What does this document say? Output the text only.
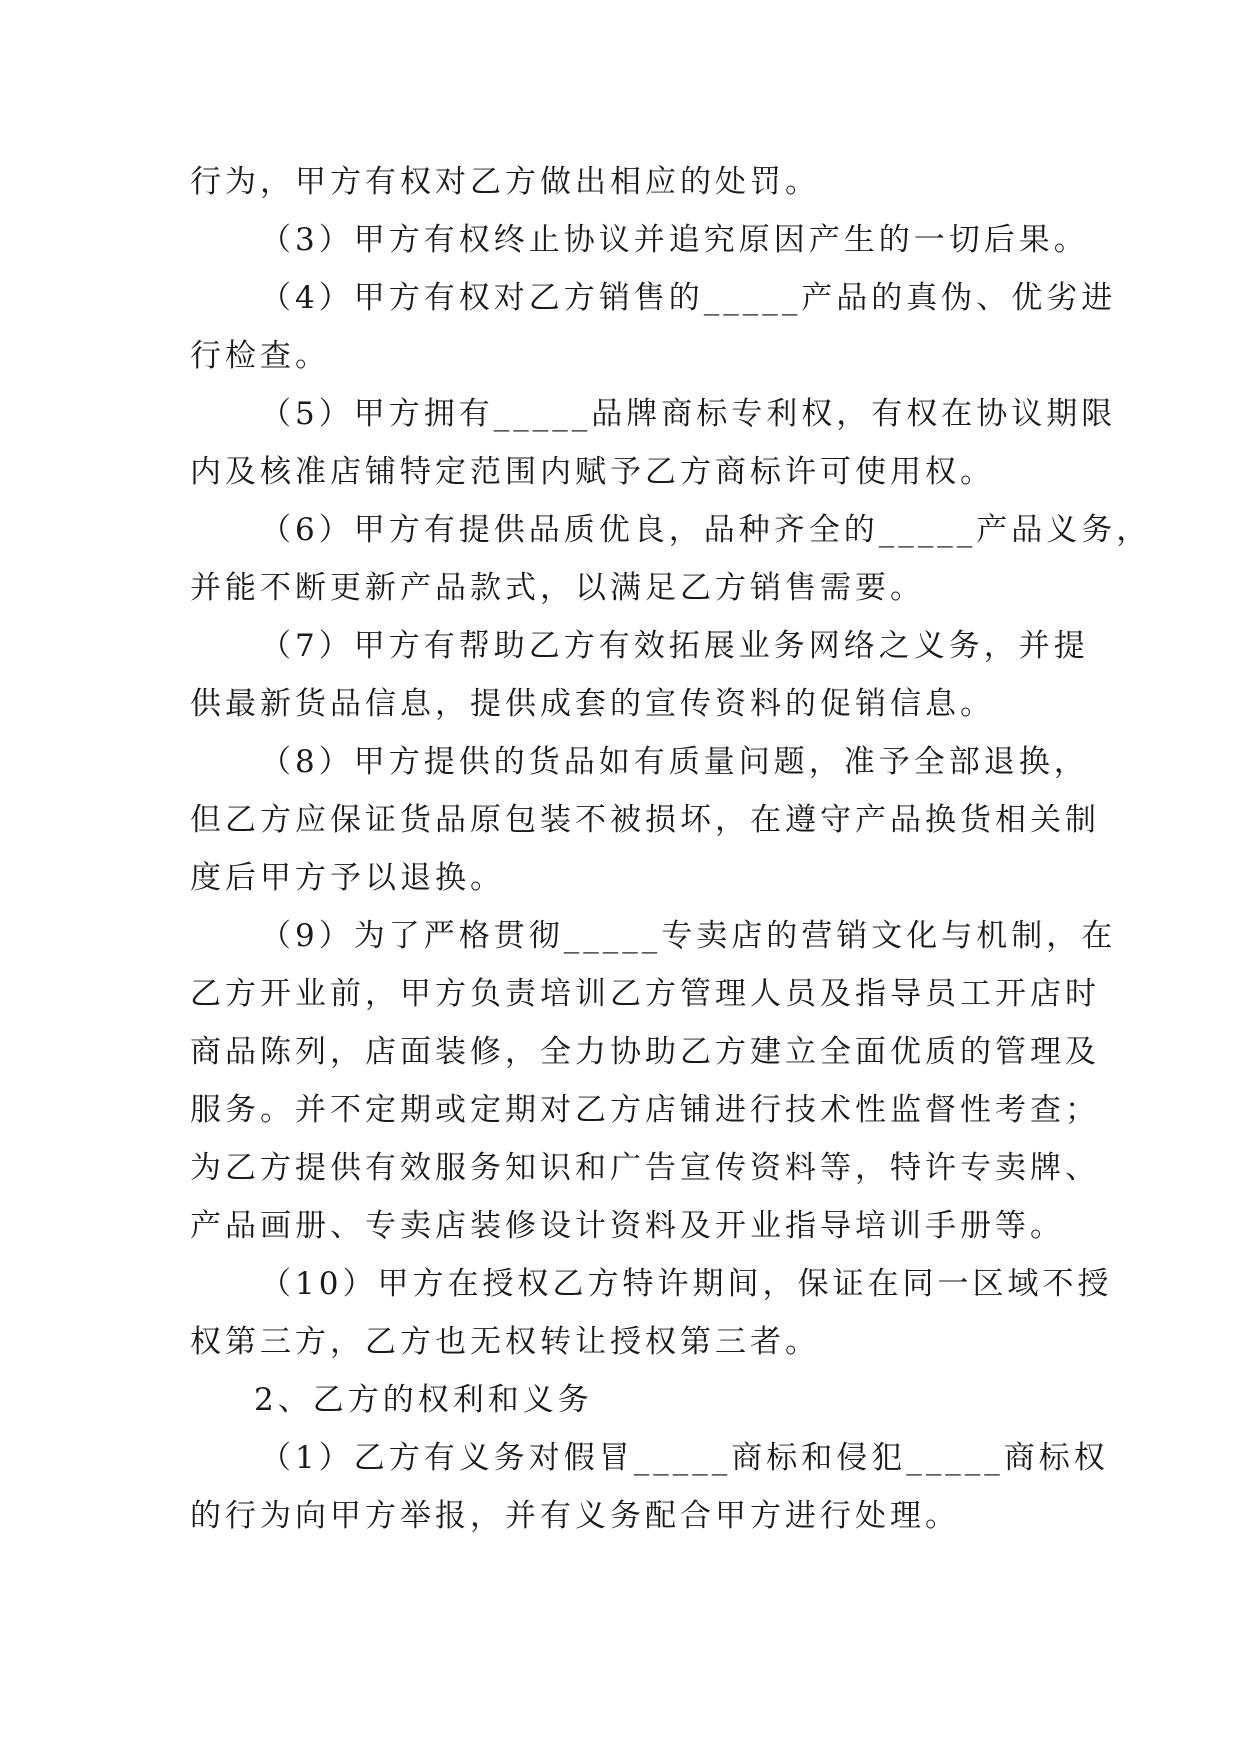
行为，甲方有权对乙方做出相应的处罚。
（3）甲方有权终止协议并追究原因产生的一切后果。
（4）甲方有权对乙方销售的_____产品的真伪、优劣进
行检查。
（5）甲方拥有_____品牌商标专利权，有权在协议期限
内及核准店铺特定范围内赋予乙方商标许可使用权。
（6）甲方有提供品质优良，品种齐全的_____产品义务，
并能不断更新产品款式，以满足乙方销售需要。
（7）甲方有帮助乙方有效拓展业务网络之义务，并提
供最新货品信息，提供成套的宣传资料的促销信息。
（8）甲方提供的货品如有质量问题，准予全部退换，
但乙方应保证货品原包装不被损坏，在遵守产品换货相关制
度后甲方予以退换。
（9）为了严格贯彻_____专卖店的营销文化与机制，在
乙方开业前，甲方负责培训乙方管理人员及指导员工开店时
商品陈列，店面装修，全力协助乙方建立全面优质的管理及
服务。并不定期或定期对乙方店铺进行技术性监督性考查；
为乙方提供有效服务知识和广告宣传资料等，特许专卖牌、
产品画册、专卖店装修设计资料及开业指导培训手册等。
（10）甲方在授权乙方特许期间，保证在同一区域不授
权第三方，乙方也无权转让授权第三者。
2、乙方的权利和义务
（1）乙方有义务对假冒_____商标和侵犯_____商标权
的行为向甲方举报，并有义务配合甲方进行处理。
